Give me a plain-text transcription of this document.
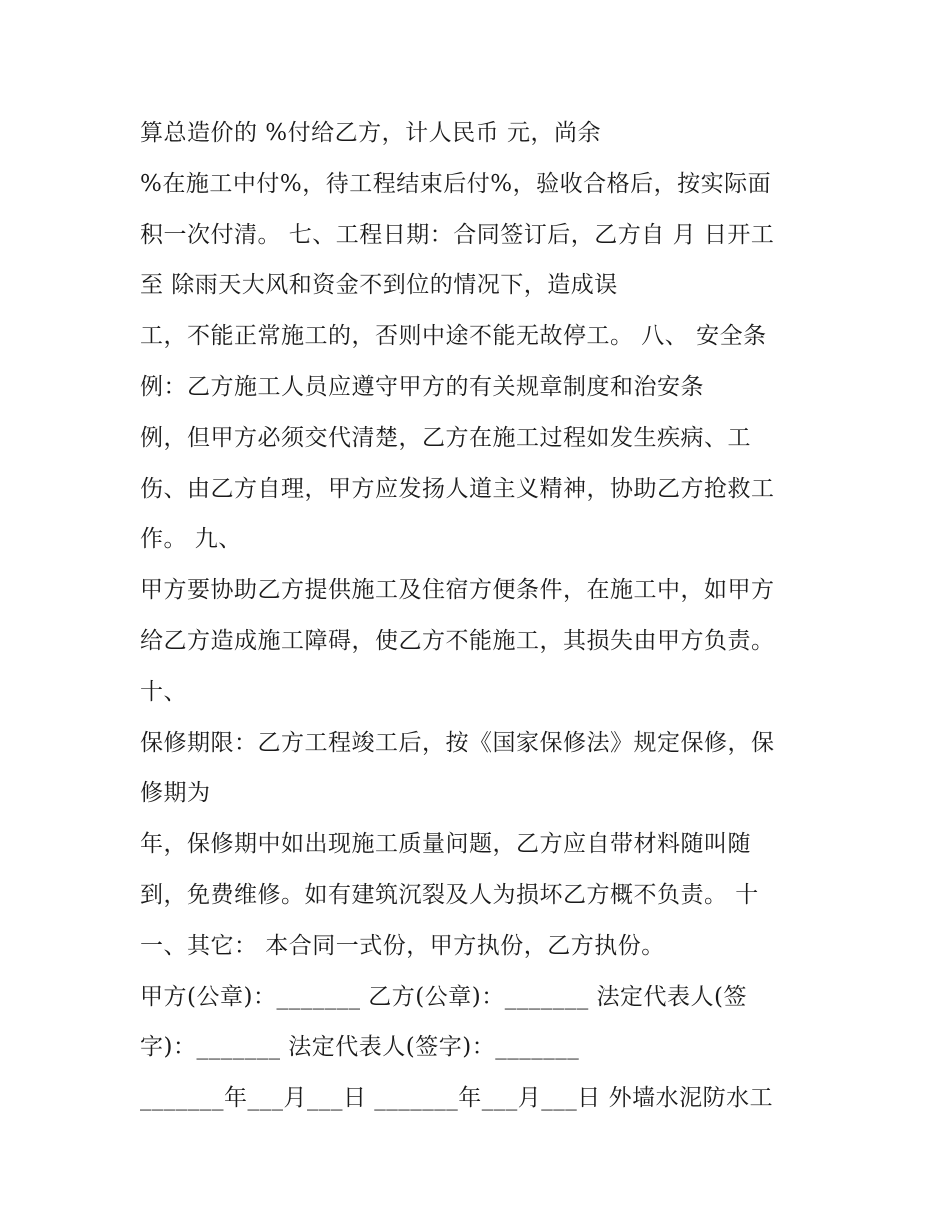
算总造价的 %付给乙方，计人民币 元，尚余
%在施工中付%，待工程结束后付%，验收合格后，按实际面
积一次付清。 七、工程日期：合同签订后，乙方自 月 日开工
至 除雨天大风和资金不到位的情况下，造成误
工，不能正常施工的，否则中途不能无故停工。 八、 安全条
例：乙方施工人员应遵守甲方的有关规章制度和治安条
例，但甲方必须交代清楚，乙方在施工过程如发生疾病、工
伤、由乙方自理，甲方应发扬人道主义精神，协助乙方抢救工
作。 九、
甲方要协助乙方提供施工及住宿方便条件，在施工中，如甲方
给乙方造成施工障碍，使乙方不能施工，其损失由甲方负责。
十、
保修期限：乙方工程竣工后，按《国家保修法》规定保修，保
修期为
年，保修期中如出现施工质量问题，乙方应自带材料随叫随
到，免费维修。如有建筑沉裂及人为损坏乙方概不负责。 十
一、其它： 本合同一式份，甲方执份，乙方执份。
甲方(公章)：_______ 乙方(公章)：_______ 法定代表人(签
字)：_______ 法定代表人(签字)：_______
_______年___月___日 _______年___月___日 外墙水泥防水工
